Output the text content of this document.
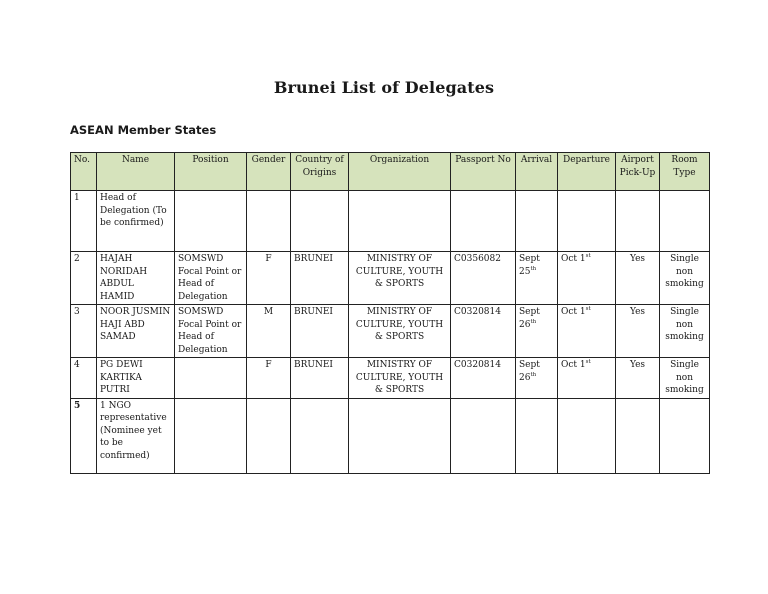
Brunei List of Delegates
ASEAN Member States
No.	Name	Position	Gender	Country of Origins	Organization	Passport No	Arrival	Departure	Airport Pick-Up	Room Type
1	Head of Delegation (To be confirmed)									
2	HAJAH NORIDAH ABDUL HAMID	SOMSWD Focal Point or Head of Delegation	F	BRUNEI	MINISTRY OF CULTURE, YOUTH & SPORTS	C0356082	Sept 25th	Oct 1st	Yes	Single non smoking
3	NOOR JUSMIN HAJI ABD SAMAD	SOMSWD Focal Point or Head of Delegation	M	BRUNEI	MINISTRY OF CULTURE, YOUTH & SPORTS	C0320814	Sept 26th	Oct 1st	Yes	Single non smoking
4	PG DEWI KARTIKA PUTRI		F	BRUNEI	MINISTRY OF CULTURE, YOUTH & SPORTS	C0320814	Sept 26th	Oct 1st	Yes	Single non smoking
5	1 NGO representative (Nominee yet to be confirmed)									
